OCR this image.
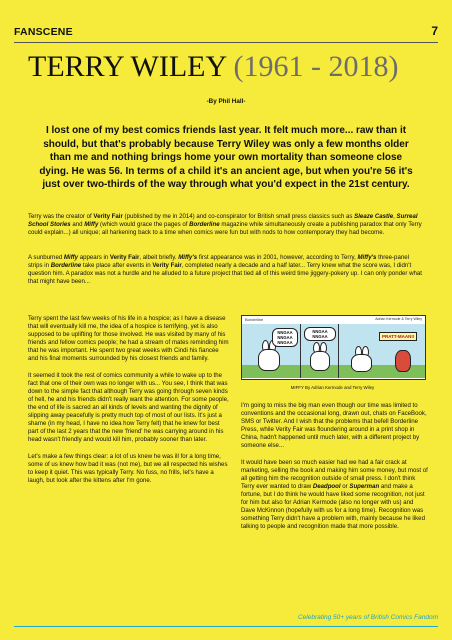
FANSCENE	7
TERRY WILEY (1961 - 2018)
-By Phil Hall-
I lost one of my best comics friends last year. It felt much more... raw than it should, but that's probably because Terry Wiley was only a few months older than me and nothing brings home your own mortality than someone close dying. He was 56. In terms of a child it's an ancient age, but when you're 56 it's just over two-thirds of the way through what you'd expect in the 21st century.
Terry was the creator of Verity Fair (published by me in 2014) and co-conspirator for British small press classics such as Sleaze Castle, Surreal School Stories and Miffy (which would grace the pages of Borderline magazine while simultaneously create a publishing paradox that only Terry could explain...) all unique; all harkening back to a time when comics were fun but with nods to how contemporary they had become.
A sunburned Miffy appears in Verity Fair, albeit briefly. Miffy's first appearance was in 2001, however, according to Terry, Miffy's three-panel strips in Borderline take place after events in Verity Fair, completed nearly a decade and a half later... Terry knew what the score was, I didn't question him. A paradox was not a hurdle and he alluded to a future project that tied all of this weird time jiggery-pokery up. I can only ponder what that might have been...

Terry spent the last few weeks of his life in a hospice; as I have a disease that will eventually kill me, the idea of a hospice is terrifying, yet is also supposed to be uplifting for those involved. He was visited by many of his friends and fellow comics people; he had a stream of mates reminding him that he was important. He spent two great weeks with Cindi his fiancée and his final moments surrounded by his closest friends and family.

It seemed it took the rest of comics community a while to wake up to the fact that one of their own was no longer with us... You see, I think that was down to the simple fact that although Terry was going through seven kinds of hell, he and his friends didn't really want the attention. For some people, the end of life is sacred an all kinds of levels and wanting the dignity of slipping away peacefully is pretty much top of most of our lists. It's just a shame (in my head, I have no idea how Terry felt) that he knew for best part of the last 2 years that the new 'friend' he was carrying around in his head wasn't friendly and would kill him, probably sooner than later.

Let's make a few things clear: a lot of us knew he was ill for a long time, some of us knew how bad it was (not me), but we all respected his wishes to keep it quiet. This was typically Terry. No fuss, no frills, let's have a laugh, but look after the kittens after I'm gone.

Borderline	Adrian Kermode & Terry Wiley
NNGAA NNGAA NNGAA
NNGAA NNGAA	PRATT-MAAN!!
MIFFY By Adrian Kermode and Terry Wiley

I'm going to miss the big man even though our time was limited to conventions and the occasional long, drawn out, chats on FaceBook, SMS or Twitter. And I wish that the problems that befell Borderline Press, while Verity Fair was floundering around in a print shop in China, hadn't happened until much later, with a different project by someone else...

It would have been so much easier had we had a fair crack at marketing, selling the book and making him some money, but most of all getting him the recognition outside of small press. I don't think Terry ever wanted to draw Deadpool or Superman and make a fortune, but I do think he would have liked some recognition, not just for him but also for Adrian Kermode (also no longer with us) and Dave McKinnon (hopefully with us for a long time). Recognition was something Terry didn't have a problem with, mainly because he liked talking to people and recognition made that more possible.

Celebrating 50+ years of British Comics Fandom
